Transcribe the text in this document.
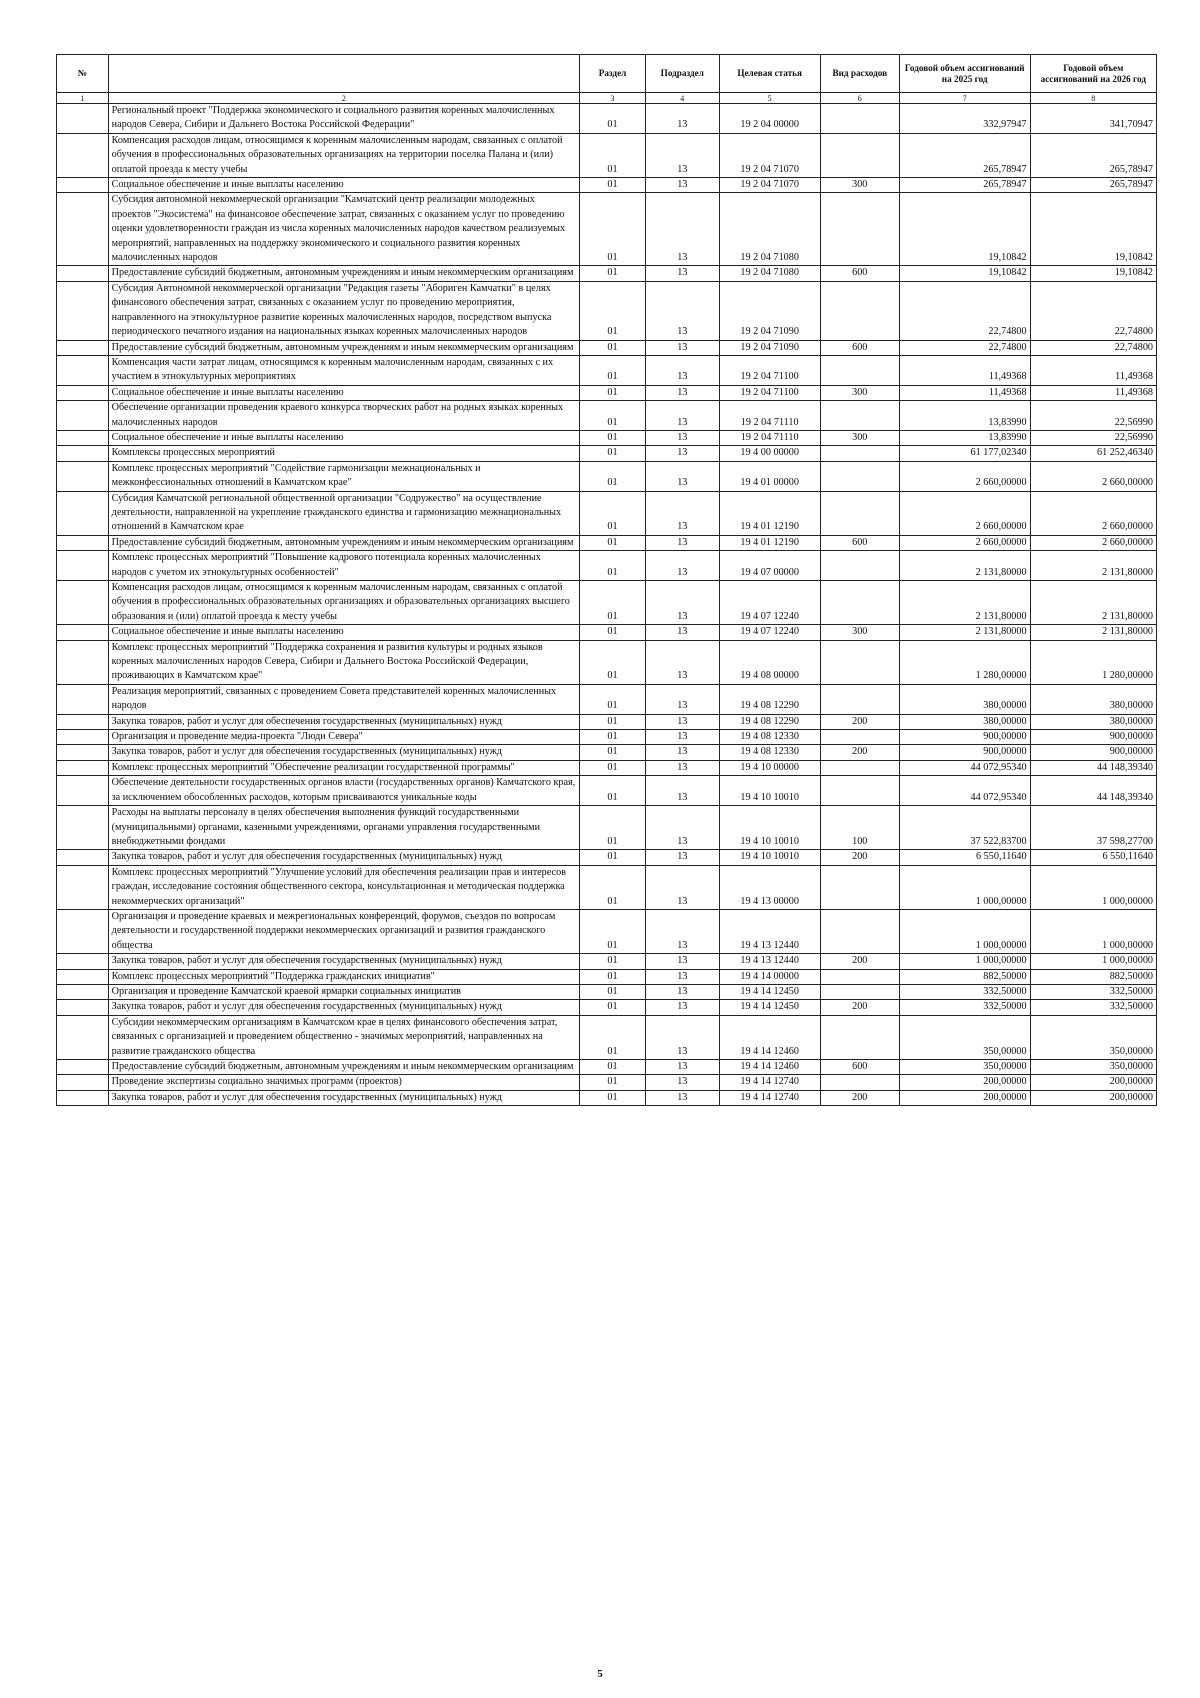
№		Раздел	Подраздел	Целевая статья	Вид расходов	Годовой объем ассигнований на 2025 год	Годовой объем ассигнований на 2026 год
1	2	3	4	5	6	7	8
	Региональный проект "Поддержка экономического и социального развития коренных малочисленных народов Севера, Сибири и Дальнего Востока Российской Федерации"	01	13	19 2 04 00000		332,97947	341,70947
	Компенсация расходов лицам, относящимся к коренным малочисленным народам, связанных с оплатой обучения в профессиональных образовательных организациях на территории поселка Палана и (или) оплатой проезда к месту учебы	01	13	19 2 04 71070		265,78947	265,78947
	Социальное обеспечение и иные выплаты населению	01	13	19 2 04 71070	300	265,78947	265,78947
	Субсидия автономной некоммерческой организации "Камчатский центр реализации молодежных проектов "Экосистема" на финансовое обеспечение затрат, связанных с оказанием услуг по проведению оценки удовлетворенности граждан из числа коренных малочисленных народов качеством реализуемых мероприятий, направленных на поддержку экономического и социального развития коренных малочисленных народов	01	13	19 2 04 71080		19,10842	19,10842
	Предоставление субсидий бюджетным, автономным учреждениям и иным некоммерческим организациям	01	13	19 2 04 71080	600	19,10842	19,10842
	Субсидия Автономной некоммерческой организации "Редакция газеты "Абориген Камчатки" в целях финансового обеспечения затрат, связанных с оказанием услуг по проведению мероприятия, направленного на этнокультурное развитие коренных малочисленных народов, посредством выпуска периодического печатного издания на национальных языках коренных малочисленных народов	01	13	19 2 04 71090		22,74800	22,74800
	Предоставление субсидий бюджетным, автономным учреждениям и иным некоммерческим организациям	01	13	19 2 04 71090	600	22,74800	22,74800
	Компенсация части затрат лицам, относящимся к коренным малочисленным народам, связанных с их участием в этнокультурных мероприятиях	01	13	19 2 04 71100		11,49368	11,49368
	Социальное обеспечение и иные выплаты населению	01	13	19 2 04 71100	300	11,49368	11,49368
	Обеспечение организации проведения краевого конкурса творческих работ на родных языках коренных малочисленных народов	01	13	19 2 04 71110		13,83990	22,56990
	Социальное обеспечение и иные выплаты населению	01	13	19 2 04 71110	300	13,83990	22,56990
	Комплексы процессных мероприятий	01	13	19 4 00 00000		61 177,02340	61 252,46340
	Комплекс процессных мероприятий "Содействие гармонизации межнациональных и межконфессиональных отношений в Камчатском крае"	01	13	19 4 01 00000		2 660,00000	2 660,00000
	Субсидия Камчатской региональной общественной организации "Содружество" на осуществление деятельности, направленной на укрепление гражданского единства и гармонизацию межнациональных отношений в Камчатском крае	01	13	19 4 01 12190		2 660,00000	2 660,00000
	Предоставление субсидий бюджетным, автономным учреждениям и иным некоммерческим организациям	01	13	19 4 01 12190	600	2 660,00000	2 660,00000
	Комплекс процессных мероприятий "Повышение кадрового потенциала коренных малочисленных народов с учетом их этнокультурных особенностей"	01	13	19 4 07 00000		2 131,80000	2 131,80000
	Компенсация расходов лицам, относящимся к коренным малочисленным народам, связанных с оплатой обучения в профессиональных образовательных организациях и образовательных организациях высшего образования и (или) оплатой проезда к месту учебы	01	13	19 4 07 12240		2 131,80000	2 131,80000
	Социальное обеспечение и иные выплаты населению	01	13	19 4 07 12240	300	2 131,80000	2 131,80000
	Комплекс процессных мероприятий "Поддержка сохранения и развития культуры и родных языков коренных малочисленных народов Севера, Сибири и Дальнего Востока Российской Федерации, проживающих в Камчатском крае"	01	13	19 4 08 00000		1 280,00000	1 280,00000
	Реализация мероприятий, связанных с проведением Совета представителей коренных малочисленных народов	01	13	19 4 08 12290		380,00000	380,00000
	Закупка товаров, работ и услуг для обеспечения государственных (муниципальных) нужд	01	13	19 4 08 12290	200	380,00000	380,00000
	Организация и проведение медиа-проекта "Люди Севера"	01	13	19 4 08 12330		900,00000	900,00000
	Закупка товаров, работ и услуг для обеспечения государственных (муниципальных) нужд	01	13	19 4 08 12330	200	900,00000	900,00000
	Комплекс процессных мероприятий "Обеспечение реализации государственной программы"	01	13	19 4 10 00000		44 072,95340	44 148,39340
	Обеспечение деятельности государственных органов власти (государственных органов) Камчатского края, за исключением обособленных расходов, которым присваиваются уникальные коды	01	13	19 4 10 10010		44 072,95340	44 148,39340
	Расходы на выплаты персоналу в целях обеспечения выполнения функций государственными (муниципальными) органами, казенными учреждениями, органами управления государственными внебюджетными фондами	01	13	19 4 10 10010	100	37 522,83700	37 598,27700
	Закупка товаров, работ и услуг для обеспечения государственных (муниципальных) нужд	01	13	19 4 10 10010	200	6 550,11640	6 550,11640
	Комплекс процессных мероприятий "Улучшение условий для обеспечения реализации прав и интересов граждан, исследование состояния общественного сектора, консультационная и методическая поддержка некоммерческих организаций"	01	13	19 4 13 00000		1 000,00000	1 000,00000
	Организация и проведение краевых и межрегиональных конференций, форумов, съездов по вопросам деятельности и государственной поддержки некоммерческих организаций и развития гражданского общества	01	13	19 4 13 12440		1 000,00000	1 000,00000
	Закупка товаров, работ и услуг для обеспечения государственных (муниципальных) нужд	01	13	19 4 13 12440	200	1 000,00000	1 000,00000
	Комплекс процессных мероприятий "Поддержка гражданских инициатив"	01	13	19 4 14 00000		882,50000	882,50000
	Организация и проведение Камчатской краевой ярмарки социальных инициатив	01	13	19 4 14 12450		332,50000	332,50000
	Закупка товаров, работ и услуг для обеспечения государственных (муниципальных) нужд	01	13	19 4 14 12450	200	332,50000	332,50000
	Субсидии некоммерческим организациям в Камчатском крае в целях финансового обеспечения затрат, связанных с организацией и проведением общественно - значимых мероприятий, направленных на развитие гражданского общества	01	13	19 4 14 12460		350,00000	350,00000
	Предоставление субсидий бюджетным, автономным учреждениям и иным некоммерческим организациям	01	13	19 4 14 12460	600	350,00000	350,00000
	Проведение экспертизы социально значимых программ (проектов)	01	13	19 4 14 12740		200,00000	200,00000
	Закупка товаров, работ и услуг для обеспечения государственных (муниципальных) нужд	01	13	19 4 14 12740	200	200,00000	200,00000
5
